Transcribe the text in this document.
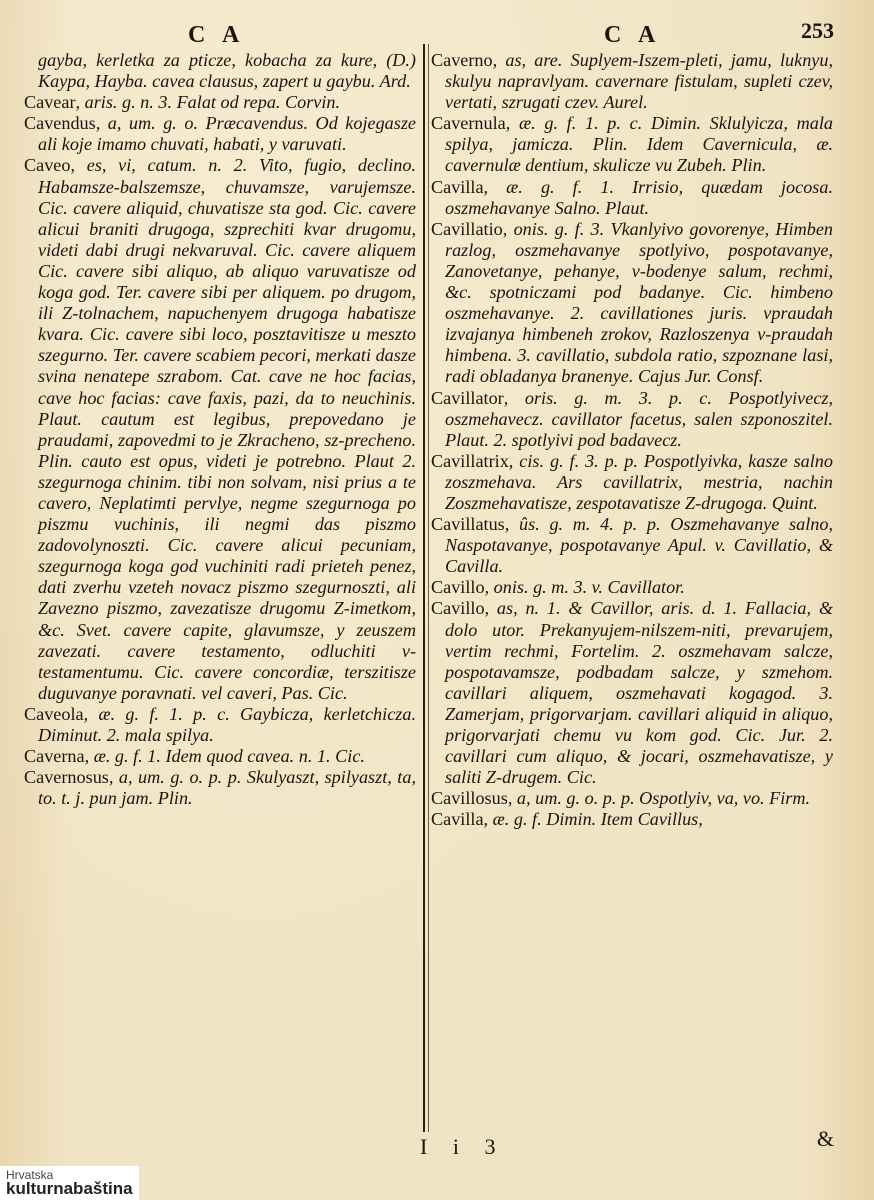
C A	C A	253

gayba, kerletka za pticze, kobacha za kure, (D.) Kaypa, Hayba. cavea clausus, zapert u gaybu. Ard.

Cavear, aris. g. n. 3. Falat od repa. Corvin.

Cavendus, a, um. g. o. Præcavendus. Od kojegasze ali koje imamo chuvati, habati, y varuvati.

Caveo, es, vi, catum. n. 2. Vito, fugio, declino. Habamsze-balszemsze, chuvamsze, varujemsze. Cic. cavere aliquid, chuvatisze sta god. Cic. cavere alicui braniti drugoga, szprechiti kvar drugomu, videti dabi drugi nekvaruval. Cic. cavere aliquem Cic. cavere sibi aliquo, ab aliquo varuvatisze od koga god. Ter. cavere sibi per aliquem. po drugom, ili Z-tolnachem, napuchenyem drugoga habatisze kvara. Cic. cavere sibi loco, posztavitisze u meszto szegurno. Ter. cavere scabiem pecori, merkati dasze svina nenatepe szrabom. Cat. cave ne hoc facias, cave hoc facias: cave faxis, pazi, da to neuchinis. Plaut. cautum est legibus, prepovedano je praudami, zapovedmi to je Zkracheno, sz-precheno. Plin. cauto est opus, videti je potrebno. Plaut 2. szegurnoga chinim. tibi non solvam, nisi prius a te cavero, Neplatimti pervlye, negme szegurnoga po piszmu vuchinis, ili negmi das piszmo zadovolynoszti. Cic. cavere alicui pecuniam, szegurnoga koga god vuchiniti radi prieteh penez, dati zverhu vzeteh novacz piszmo szegurnoszti, ali Zavezno piszmo, zavezatisze drugomu Z-imetkom, &c. Svet. cavere capite, glavumsze, y zeuszem zavezati. cavere testamento, odluchiti v-testamentumu. Cic. cavere concordiæ, terszitisze duguvanye poravnati. vel caveri, Pas. Cic.

Caveola, æ. g. f. 1. p. c. Gaybicza, kerletchicza. Diminut. 2. mala spilya.

Caverna, æ. g. f. 1. Idem quod cavea. n. 1. Cic.

Cavernosus, a, um. g. o. p. p. Skulyaszt, spilyaszt, ta, to. t. j. pun jam. Plin.

Caverno, as, are. Suplyem-Iszem-pleti, jamu, luknyu, skulyu napravlyam. cavernare fistulam, supleti czev, vertati, szrugati czev. Aurel.

Cavernula, æ. g. f. 1. p. c. Dimin. Sklulyicza, mala spilya, jamicza. Plin. Idem Cavernicula, æ. cavernulæ dentium, skulicze vu Zubeh. Plin.

Cavilla, æ. g. f. 1. Irrisio, quædam jocosa. oszmehavanye Salno. Plaut.

Cavillatio, onis. g. f. 3. Vkanlyivo govorenye, Himben razlog, oszmehavanye spotlyivo, pospotavanye, Zanovetanye, pehanye, v-bodenye salum, rechmi, &c. spotniczami pod badanye. Cic. himbeno oszmehavanye. 2. cavillationes juris. vpraudah izvajanya himbeneh zrokov, Razloszenya v-praudah himbena. 3. cavillatio, subdola ratio, szpoznane lasi, radi obladanya branenye. Cajus Jur. Consf.

Cavillator, oris. g. m. 3. p. c. Pospotlyivecz, oszmehavecz. cavillator facetus, salen szponoszitel. Plaut. 2. spotlyivi pod badavecz.

Cavillatrix, cis. g. f. 3. p. p. Pospotlyivka, kasze salno zoszmehava. Ars cavillatrix, mestria, nachin Zoszmehavatisze, zespotavatisze Z-drugoga. Quint.

Cavillatus, ûs. g. m. 4. p. p. Oszmehavanye salno, Naspotavanye, pospotavanye Apul. v. Cavillatio, & Cavilla.

Cavillo, onis. g. m. 3. v. Cavillator.

Cavillo, as, n. 1. & Cavillor, aris. d. 1. Fallacia, & dolo utor. Prekanyujem-nilszem-niti, prevarujem, vertim rechmi, Fortelim. 2. oszmehavam salcze, pospotavamsze, podbadam salcze, y szmehom. cavillari aliquem, oszmehavati kogagod. 3. Zamerjam, prigorvarjam. cavillari aliquid in aliquo, prigorvarjati chemu vu kom god. Cic. Jur. 2. cavillari cum aliquo, & jocari, oszmehavatisze, y saliti Z-drugem. Cic.

Cavillosus, a, um. g. o. p. p. Ospotlyiv, va, vo. Firm.

Cavilla, æ. g. f. Dimin. Item Cavillus,

I i 3	&
Hrvatska
kulturnabaština
